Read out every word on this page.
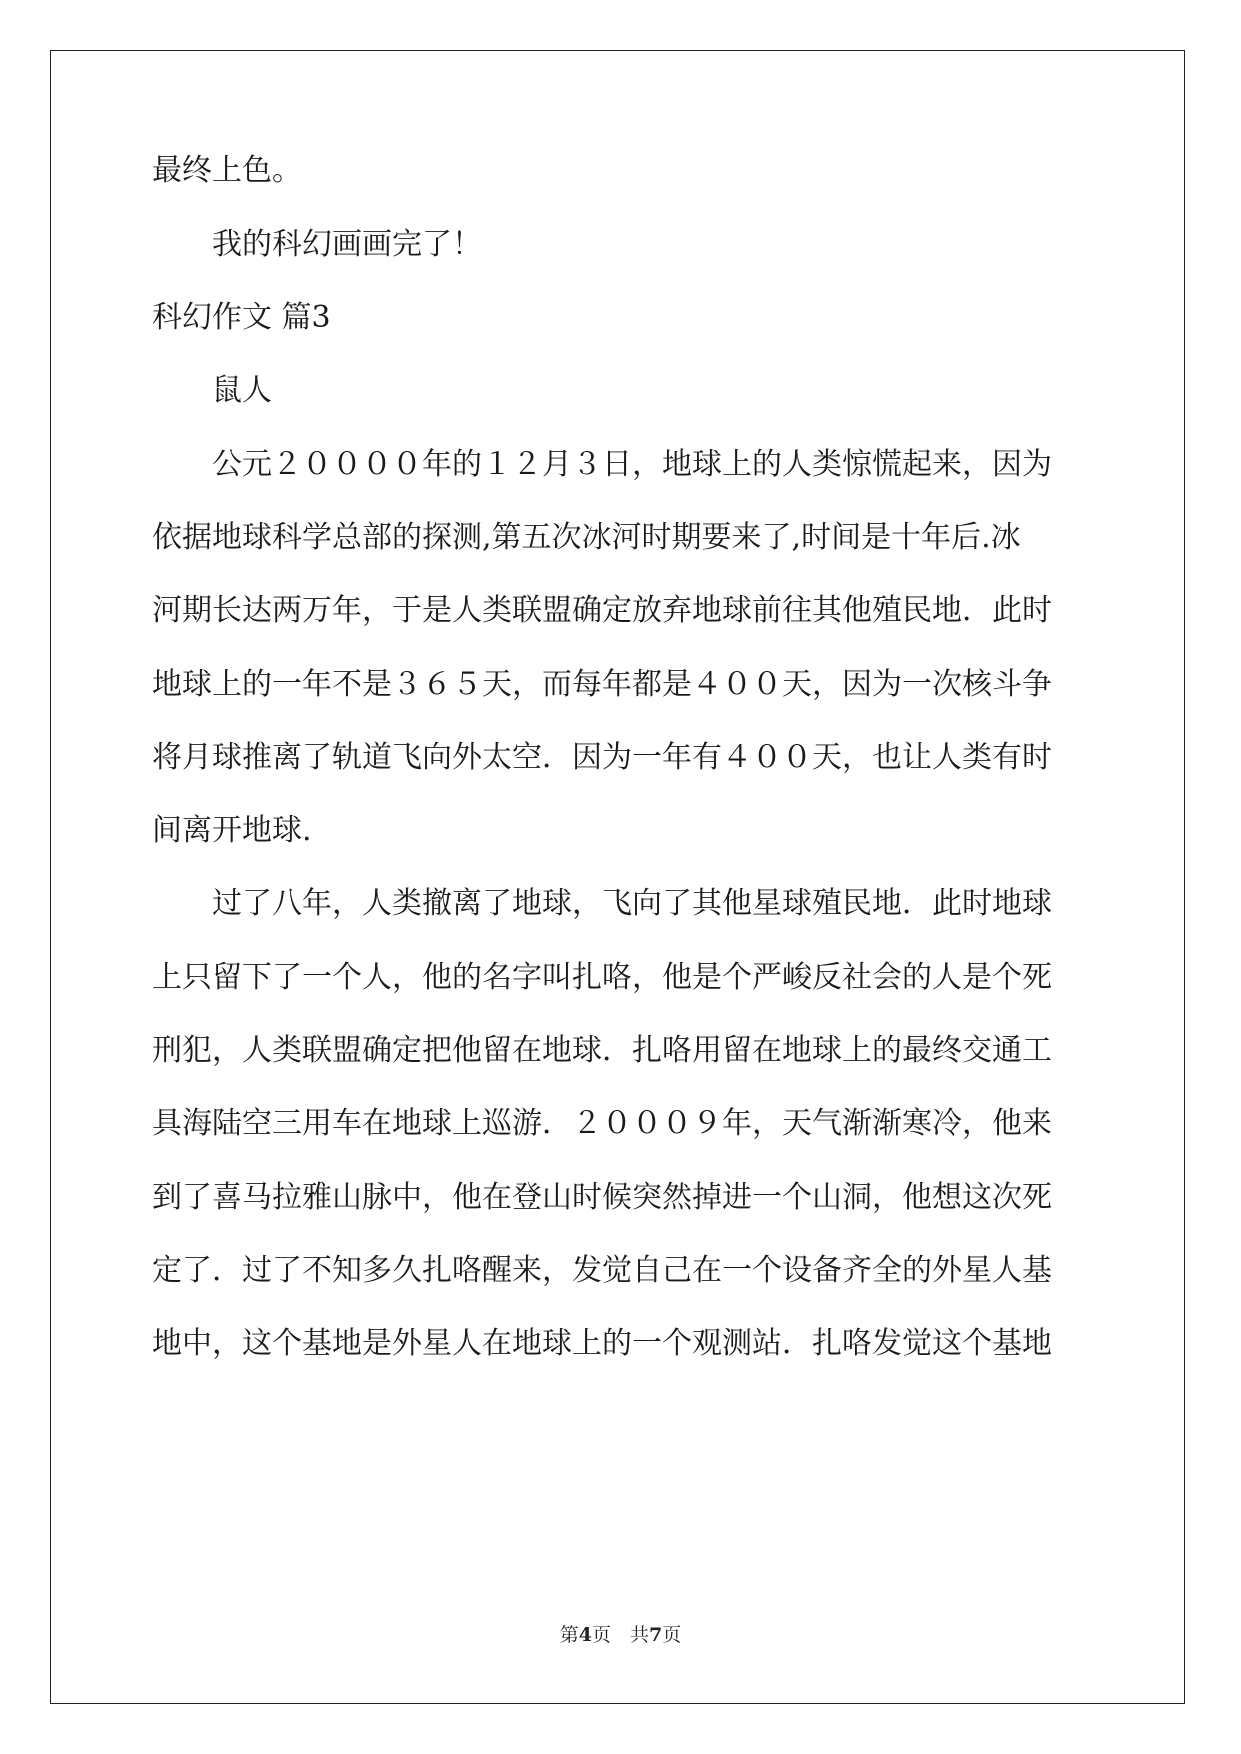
最终上色。
我的科幻画画完了！
科幻作文 篇3
鼠人
公元２００００年的１２月３日，地球上的人类惊慌起来，因为
依据地球科学总部的探测,第五次冰河时期要来了,时间是十年后.冰
河期长达两万年，于是人类联盟确定放弃地球前往其他殖民地．此时
地球上的一年不是３６５天，而每年都是４００天，因为一次核斗争
将月球推离了轨道飞向外太空．因为一年有４００天，也让人类有时
间离开地球.
过了八年，人类撤离了地球，飞向了其他星球殖民地．此时地球
上只留下了一个人，他的名字叫扎咯，他是个严峻反社会的人是个死
刑犯，人类联盟确定把他留在地球．扎咯用留在地球上的最终交通工
具海陆空三用车在地球上巡游．２０００９年，天气渐渐寒冷，他来
到了喜马拉雅山脉中，他在登山时候突然掉进一个山洞，他想这次死
定了．过了不知多久扎咯醒来，发觉自己在一个设备齐全的外星人基
地中，这个基地是外星人在地球上的一个观测站．扎咯发觉这个基地
第4页　共7页
